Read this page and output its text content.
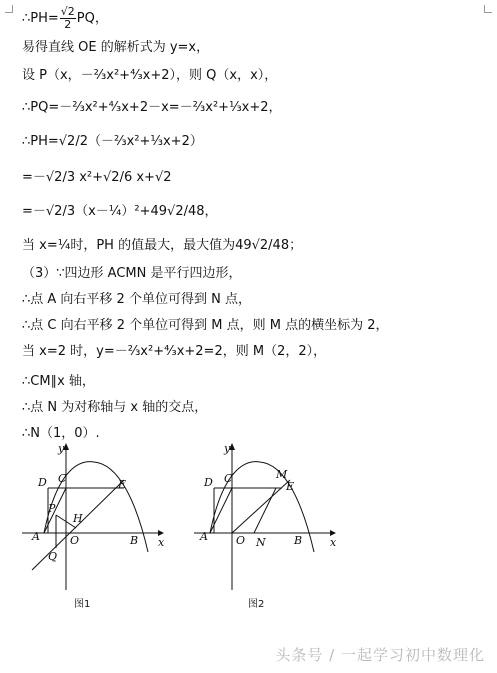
∴PH= $\frac{√2}{2}$ PQ，
易得直线 OE 的解析式为 y=x，
设 P（x，－⅔x²+⁴⁄₃x+2），则 Q（x，x），
∴PQ=－⅔x²+⁴⁄₃x+2－x=－⅔x²+⅓x+2，
∴PH=√2/2（－⅔x²+⅓x+2）
=－√2/3 x²+√2/6 x+√2
=－√2/3（x－¼）²+49√2/48，
当 x=¼时，PH 的值最大，最大值为49√2/48；
（3）∵四边形 ACMN 是平行四边形，
∴点 A 向右平移 2 个单位可得到 N 点，
∴点 C 向右平移 2 个单位可得到 M 点，则 M 点的横坐标为 2，
当 x=2 时，y=－⅔x²+⁴⁄₃x+2=2，则 M（2，2），
∴CM∥x 轴，
∴点 N 为对称轴与 x 轴的交点，
∴N（1，0）.
y
x
D C	E
P
H
A	O	B
Q
图1
y
x
D C	M
E
A	O N	B
图2
头条号 / 一起学习初中数理化
